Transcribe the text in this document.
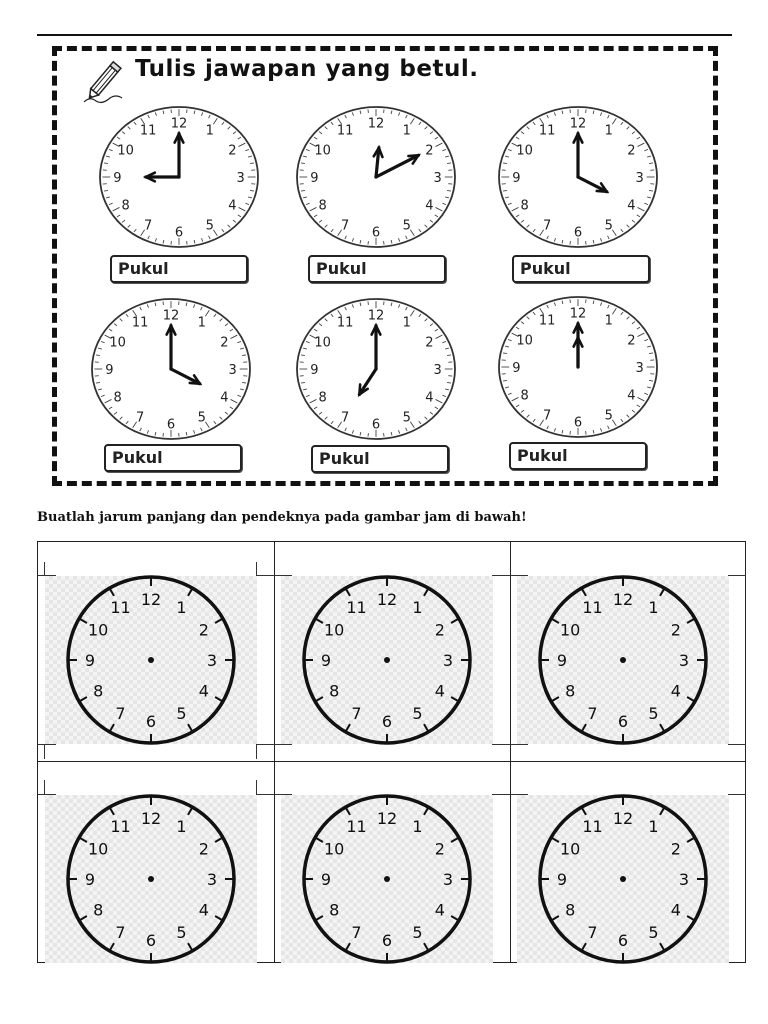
Tulis jawapan yang betul.
12 1
2
3
4
5
6
7
8
9
10
11	12 1
2
3
4
5
6
7
8
9
10
11	12 1
2
3
4
5
6
7
8
9
10
11
12 1
2
3
4
5
6
7
8
9
10
11	12 1
2
3
4
5
6
7
8
9
10
11
12 1
2
3
4
5
6
7
8
9
10
11
Pukul	Pukul	Pukul
Pukul	Pukul	Pukul
Buatlah jarum panjang dan pendeknya pada gambar jam di bawah!
12 1
2
3
4
5
6
7
8
9
10
11	12 1
2
3
4
5
6
7
8
9
10
11	12 1
2
3
4
5
6
7
8
9
10
11
12 1
2
3
4
5
6
7
8
9
10
11	12 1
2
3
4
5
6
7
8
9
10
11	12 1
2
3
4
5
6
7
8
9
10
11
